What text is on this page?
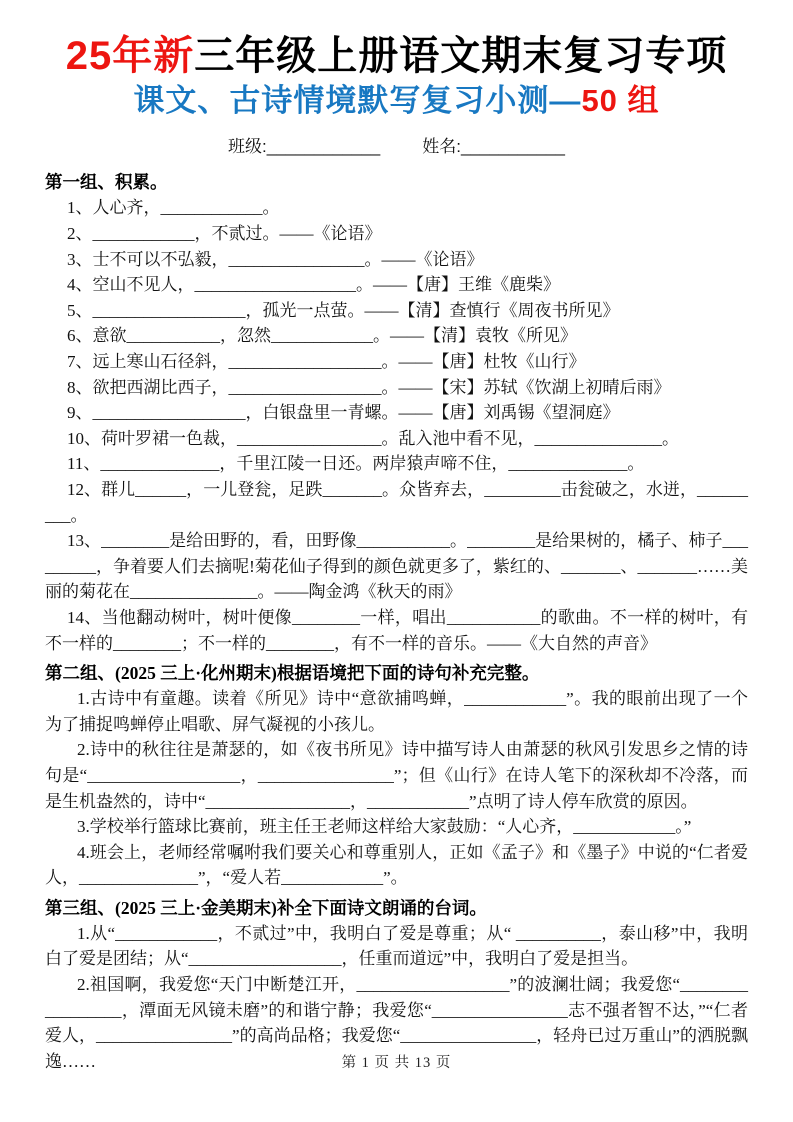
25年新三年级上册语文期末复习专项
课文、古诗情境默写复习小测—50 组
班级:____________ 姓名:___________
第一组、积累。

1、人心齐，____________。

2、____________，不贰过。——《论语》

3、士不可以不弘毅，________________。——《论语》

4、空山不见人，___________________。——【唐】王维《鹿柴》

5、__________________，孤光一点萤。——【清】查慎行《周夜书所见》

6、意欲___________，忽然____________。——【清】袁牧《所见》

7、远上寒山石径斜，__________________。——【唐】杜牧《山行》

8、欲把西湖比西子，__________________。——【宋】苏轼《饮湖上初晴后雨》

9、__________________，白银盘里一青螺。——【唐】刘禹锡《望洞庭》

10、荷叶罗裙一色裁，_________________。乱入池中看不见，_______________。

11、______________，千里江陵一日还。两岸猿声啼不住，______________。

12、群儿______，一儿登瓮，足跌_______。众皆弃去，_________击瓮破之，水迸，_________。

13、________是给田野的，看，田野像___________。________是给果树的，橘子、柿子_________，争着要人们去摘呢!菊花仙子得到的颜色就更多了，紫红的、_______、_______……美丽的菊花在_______________。——陶金鸿《秋天的雨》

14、当他翻动树叶，树叶便像________一样，唱出___________的歌曲。不一样的树叶，有不一样的________；不一样的________，有不一样的音乐。——《大自然的声音》

第二组、(2025 三上·化州期末)根据语境把下面的诗句补充完整。

1.古诗中有童趣。读着《所见》诗中“意欲捕鸣蝉，____________”。我的眼前出现了一个为了捕捉鸣蝉停止唱歌、屏气凝视的小孩儿。

2.诗中的秋往往是萧瑟的，如《夜书所见》诗中描写诗人由萧瑟的秋风引发思乡之情的诗句是“__________________，________________”；但《山行》在诗人笔下的深秋却不冷落，而是生机盎然的，诗中“_________________，____________”点明了诗人停车欣赏的原因。

3.学校举行篮球比赛前，班主任王老师这样给大家鼓励：“人心齐，____________。”

4.班会上，老师经常嘱咐我们要关心和尊重别人，正如《孟子》和《墨子》中说的“仁者爱人，______________”，“爱人若____________”。

第三组、(2025 三上·金美期末)补全下面诗文朗诵的台词。

1.从“____________，不贰过”中，我明白了爱是尊重；从“ __________，泰山移”中，我明白了爱是团结；从“__________________，任重而道远”中，我明白了爱是担当。

2.祖国啊，我爱您“天门中断楚江开，__________________”的波澜壮阔；我爱您“_________________，潭面无风镜未磨”的和谐宁静；我爱您“________________志不强者智不达，”“仁者爱人，________________”的高尚品格；我爱您“________________，轻舟已过万重山”的洒脱飘逸……	第 1 页 共 13 页
